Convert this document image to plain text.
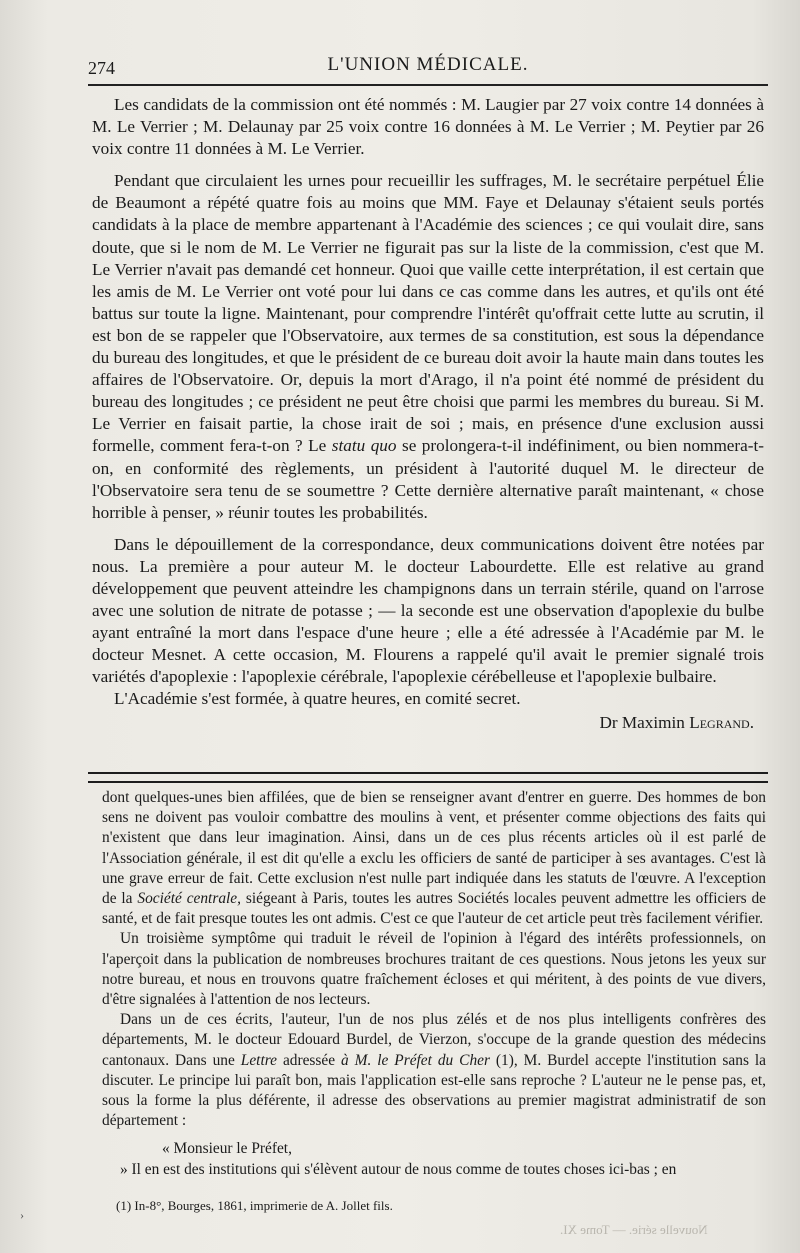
274	L'UNION MÉDICALE.

Les candidats de la commission ont été nommés : M. Laugier par 27 voix contre 14 données à M. Le Verrier ; M. Delaunay par 25 voix contre 16 données à M. Le Verrier ; M. Peytier par 26 voix contre 11 données à M. Le Verrier.

Pendant que circulaient les urnes pour recueillir les suffrages, M. le secrétaire perpétuel Élie de Beaumont a répété quatre fois au moins que MM. Faye et Delaunay s'étaient seuls portés candidats à la place de membre appartenant à l'Académie des sciences ; ce qui voulait dire, sans doute, que si le nom de M. Le Verrier ne figurait pas sur la liste de la commission, c'est que M. Le Verrier n'avait pas demandé cet honneur. Quoi que vaille cette interprétation, il est certain que les amis de M. Le Verrier ont voté pour lui dans ce cas comme dans les autres, et qu'ils ont été battus sur toute la ligne. Maintenant, pour comprendre l'intérêt qu'offrait cette lutte au scrutin, il est bon de se rappeler que l'Observatoire, aux termes de sa constitution, est sous la dépendance du bureau des longitudes, et que le président de ce bureau doit avoir la haute main dans toutes les affaires de l'Observatoire. Or, depuis la mort d'Arago, il n'a point été nommé de président du bureau des longitudes ; ce président ne peut être choisi que parmi les membres du bureau. Si M. Le Verrier en faisait partie, la chose irait de soi ; mais, en présence d'une exclusion aussi formelle, comment fera-t-on ? Le statu quo se prolongera-t-il indéfiniment, ou bien nommera-t-on, en conformité des règlements, un président à l'autorité duquel M. le directeur de l'Observatoire sera tenu de se soumettre ? Cette dernière alternative paraît maintenant, « chose horrible à penser, » réunir toutes les probabilités.

Dans le dépouillement de la correspondance, deux communications doivent être notées par nous. La première a pour auteur M. le docteur Labourdette. Elle est relative au grand développement que peuvent atteindre les champignons dans un terrain stérile, quand on l'arrose avec une solution de nitrate de potasse ; — la seconde est une observation d'apoplexie du bulbe ayant entraîné la mort dans l'espace d'une heure ; elle a été adressée à l'Académie par M. le docteur Mesnet. A cette occasion, M. Flourens a rappelé qu'il avait le premier signalé trois variétés d'apoplexie : l'apoplexie cérébrale, l'apoplexie cérébelleuse et l'apoplexie bulbaire.

L'Académie s'est formée, à quatre heures, en comité secret.

Dr Maximin Legrand.

dont quelques-unes bien affilées, que de bien se renseigner avant d'entrer en guerre. Des hommes de bon sens ne doivent pas vouloir combattre des moulins à vent, et présenter comme objections des faits qui n'existent que dans leur imagination. Ainsi, dans un de ces plus récents articles où il est parlé de l'Association générale, il est dit qu'elle a exclu les officiers de santé de participer à ses avantages. C'est là une grave erreur de fait. Cette exclusion n'est nulle part indiquée dans les statuts de l'œuvre. A l'exception de la Société centrale, siégeant à Paris, toutes les autres Sociétés locales peuvent admettre les officiers de santé, et de fait presque toutes les ont admis. C'est ce que l'auteur de cet article peut très facilement vérifier.

Un troisième symptôme qui traduit le réveil de l'opinion à l'égard des intérêts professionnels, on l'aperçoit dans la publication de nombreuses brochures traitant de ces questions. Nous jetons les yeux sur notre bureau, et nous en trouvons quatre fraîchement écloses et qui méritent, à des points de vue divers, d'être signalées à l'attention de nos lecteurs.

Dans un de ces écrits, l'auteur, l'un de nos plus zélés et de nos plus intelligents confrères des départements, M. le docteur Edouard Burdel, de Vierzon, s'occupe de la grande question des médecins cantonaux. Dans une Lettre adressée à M. le Préfet du Cher (1), M. Burdel accepte l'institution sans la discuter. Le principe lui paraît bon, mais l'application est-elle sans reproche ? L'auteur ne le pense pas, et, sous la forme la plus déférente, il adresse des observations au premier magistrat administratif de son département :

« Monsieur le Préfet,

» Il en est des institutions qui s'élèvent autour de nous comme de toutes choses ici-bas ; en

(1) In-8°, Bourges, 1861, imprimerie de A. Jollet fils.
Nouvelle série. — Tome XI.
›
